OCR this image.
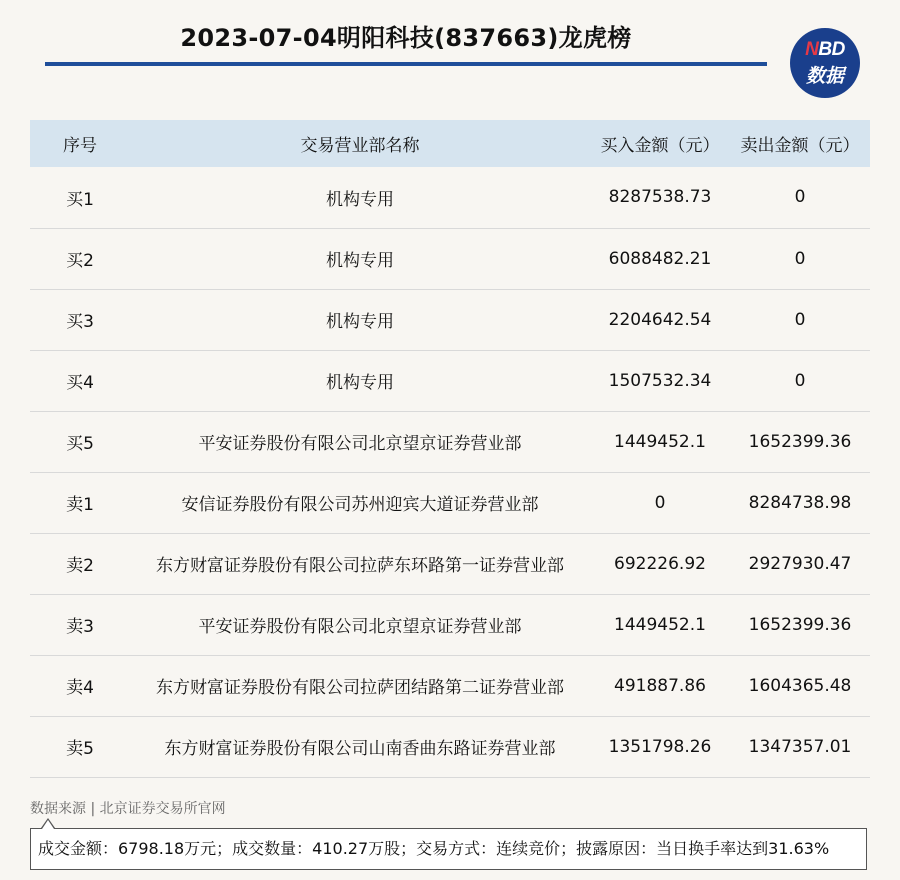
2023-07-04明阳科技(837663)龙虎榜	NBD
数据
序号	交易营业部名称	买入金额（元）	卖出金额（元）
买1	机构专用	8287538.73	0
买2	机构专用	6088482.21	0
买3	机构专用	2204642.54	0
买4	机构专用	1507532.34	0
买5	平安证券股份有限公司北京望京证券营业部	1449452.1	1652399.36
卖1	安信证券股份有限公司苏州迎宾大道证券营业部	0	8284738.98
卖2	东方财富证券股份有限公司拉萨东环路第一证券营业部	692226.92	2927930.47
卖3	平安证券股份有限公司北京望京证券营业部	1449452.1	1652399.36
卖4	东方财富证券股份有限公司拉萨团结路第二证券营业部	491887.86	1604365.48
卖5	东方财富证券股份有限公司山南香曲东路证券营业部	1351798.26	1347357.01
数据来源 | 北京证券交易所官网
成交金额：6798.18万元；成交数量：410.27万股；交易方式：连续竞价；披露原因：当日换手率达到31.63%
